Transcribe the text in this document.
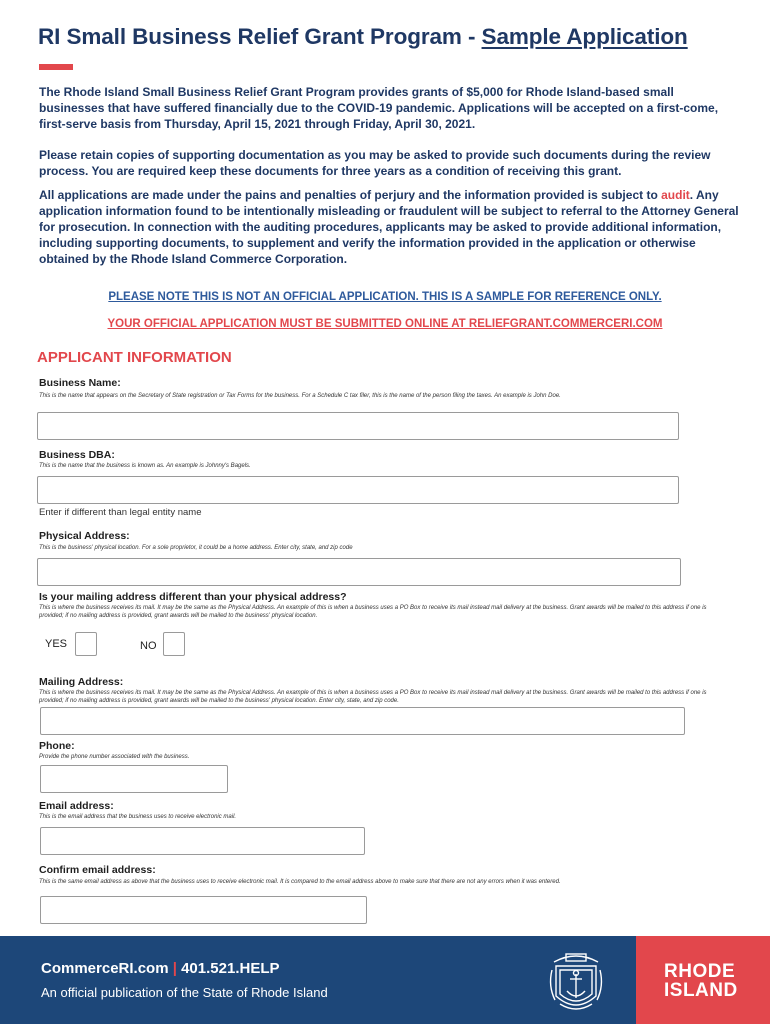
RI Small Business Relief Grant Program - Sample Application

The Rhode Island Small Business Relief Grant Program provides grants of $5,000 for Rhode Island-based small businesses that have suffered financially due to the COVID-19 pandemic. Applications will be accepted on a first-come, first-serve basis from Thursday, April 15, 2021 through Friday, April 30, 2021.

Please retain copies of supporting documentation as you may be asked to provide such documents during the review process. You are required keep these documents for three years as a condition of receiving this grant.

All applications are made under the pains and penalties of perjury and the information provided is subject to audit. Any application information found to be intentionally misleading or fraudulent will be subject to referral to the Attorney General for prosecution. In connection with the auditing procedures, applicants may be asked to provide additional information, including supporting documents, to supplement and verify the information provided in the application or otherwise obtained by the Rhode Island Commerce Corporation.

PLEASE NOTE THIS IS NOT AN OFFICIAL APPLICATION. THIS IS A SAMPLE FOR REFERENCE ONLY.
YOUR OFFICIAL APPLICATION MUST BE SUBMITTED ONLINE AT RELIEFGRANT.COMMERCERI.COM
APPLICANT INFORMATION
Business Name:
This is the name that appears on the Secretary of State registration or Tax Forms for the business. For a Schedule C tax filer, this is the name of the person filing the taxes. An example is John Doe.
Business DBA:
This is the name that the business is known as. An example is Johnny's Bagels.
Enter if different than legal entity name
Physical Address:
This is the business' physical location. For a sole proprietor, it could be a home address. Enter city, state, and zip code
Is your mailing address different than your physical address?
This is where the business receives its mail. It may be the same as the Physical Address. An example of this is when a business uses a PO Box to receive its mail instead mail delivery at the business. Grant awards will be mailed to this address if one is provided; if no mailing address is provided, grant awards will be mailed to the business' physical location.
YES	NO
Mailing Address:
This is where the business receives its mail. It may be the same as the Physical Address. An example of this is when a business uses a PO Box to receive its mail instead mail delivery at the business. Grant awards will be mailed to this address if one is provided; if no mailing address is provided, grant awards will be mailed to the business' physical location. Enter city, state, and zip code.
Phone:
Provide the phone number associated with the business.
Email address:
This is the email address that the business uses to receive electronic mail.
Confirm email address:
This is the same email address as above that the business uses to receive electronic mail. It is compared to the email address above to make sure that there are not any errors when it was entered.
CommerceRI.com | 401.521.HELP
An official publication of the State of Rhode Island
RHODE
ISLAND
